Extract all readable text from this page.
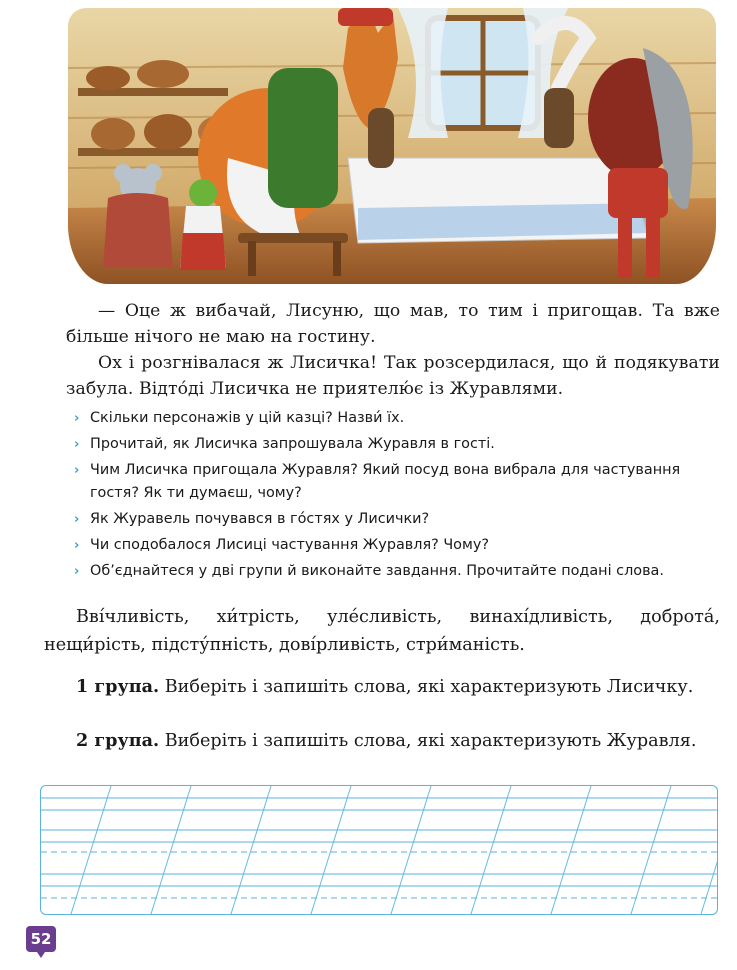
— Оце ж вибачай, Лисуню, що мав, то тим і пригощав. Та вже більше нічого не маю на гостину.

Ох і розгнівалася ж Лисичка! Так розсердилася, що й подякувати забула. Відто́ді Лисичка не приятелю́є із Журавлями.

› Скільки персонажів у цій казці? Назви́ їх.
› Прочитай, як Лисичка запрошувала Журавля в гості.
› Чим Лисичка пригощала Журавля? Який посуд вона вибрала для частування гостя? Як ти думаєш, чому?
› Як Журавель почувався в го́стях у Лисички?
› Чи сподобалося Лисиці частування Журавля? Чому?
› Об’єднайтеся у дві групи й виконайте завдання. Прочитайте подані слова.

Вві́чливість, хи́трість, уле́сливість, винахі́дливість, доброта́, нещи́рість, підсту́пність, дові́рливість, стри́маність.

1 група. Виберіть і запишіть слова, які характеризують Лисичку.

2 група. Виберіть і запишіть слова, які характеризують Журавля.

52
